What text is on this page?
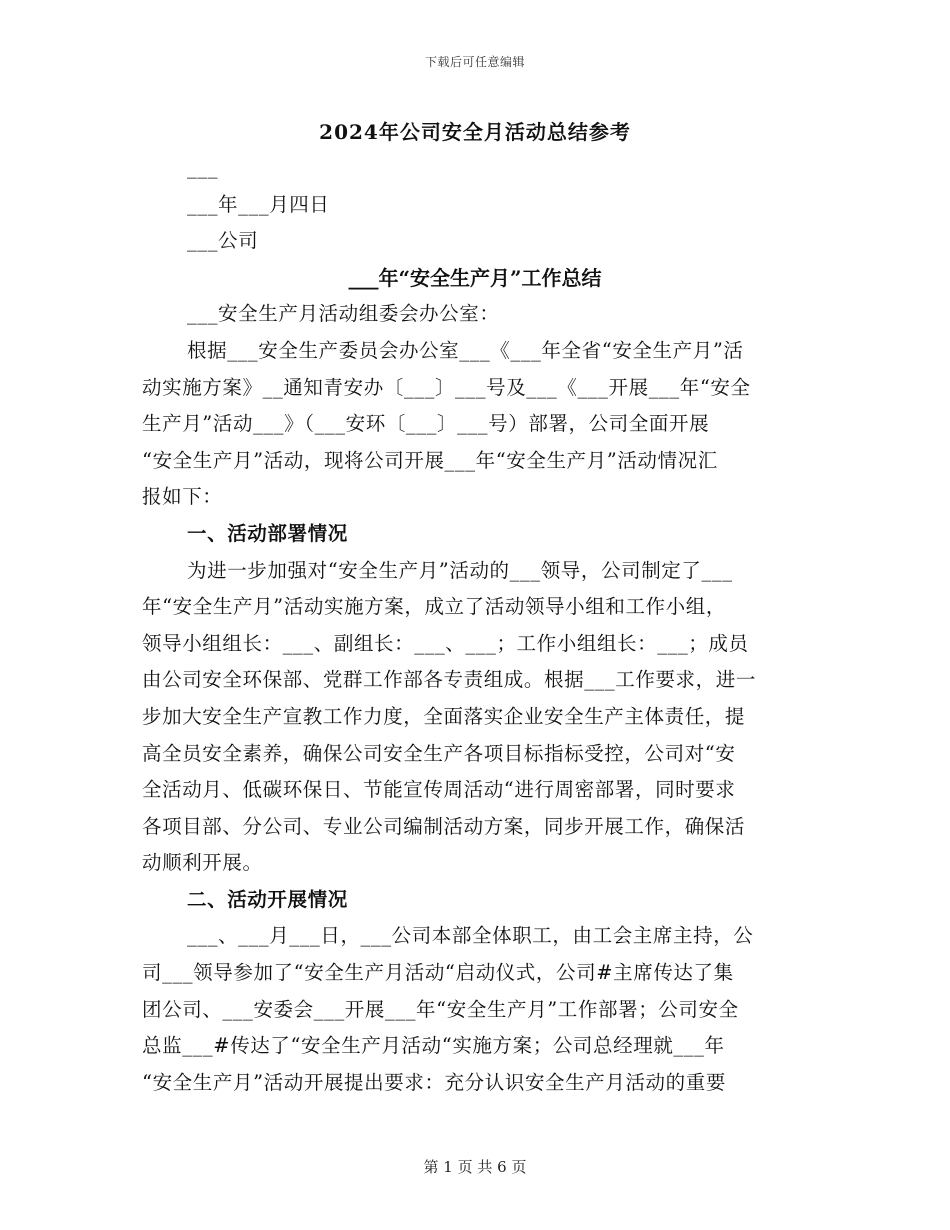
下载后可任意编辑
2024年公司安全月活动总结参考
___
___年___月四日
___公司
___年“安全生产月”工作总结
___安全生产月活动组委会办公室：
根据___安全生产委员会办公室___《___年全省“安全生产月”活
动实施方案》__通知青安办〔___〕___号及___《___开展___年“安全
生产月”活动___》（___安环〔___〕___号）部署，公司全面开展
“安全生产月”活动，现将公司开展___年“安全生产月”活动情况汇
报如下：
一、活动部署情况
为进一步加强对“安全生产月”活动的___领导，公司制定了___
年“安全生产月”活动实施方案，成立了活动领导小组和工作小组，
领导小组组长：___、副组长：___、___；工作小组组长：___；成员
由公司安全环保部、党群工作部各专责组成。根据___工作要求，进一
步加大安全生产宣教工作力度，全面落实企业安全生产主体责任，提
高全员安全素养，确保公司安全生产各项目标指标受控，公司对“安
全活动月、低碳环保日、节能宣传周活动“进行周密部署，同时要求
各项目部、分公司、专业公司编制活动方案，同步开展工作，确保活
动顺利开展。
二、活动开展情况
___、___月___日，___公司本部全体职工，由工会主席主持，公
司___领导参加了“安全生产月活动“启动仪式，公司#主席传达了集
团公司、___安委会___开展___年“安全生产月”工作部署；公司安全
总监___#传达了“安全生产月活动“实施方案；公司总经理就___年
“安全生产月”活动开展提出要求：充分认识安全生产月活动的重要
第 1 页 共 6 页
